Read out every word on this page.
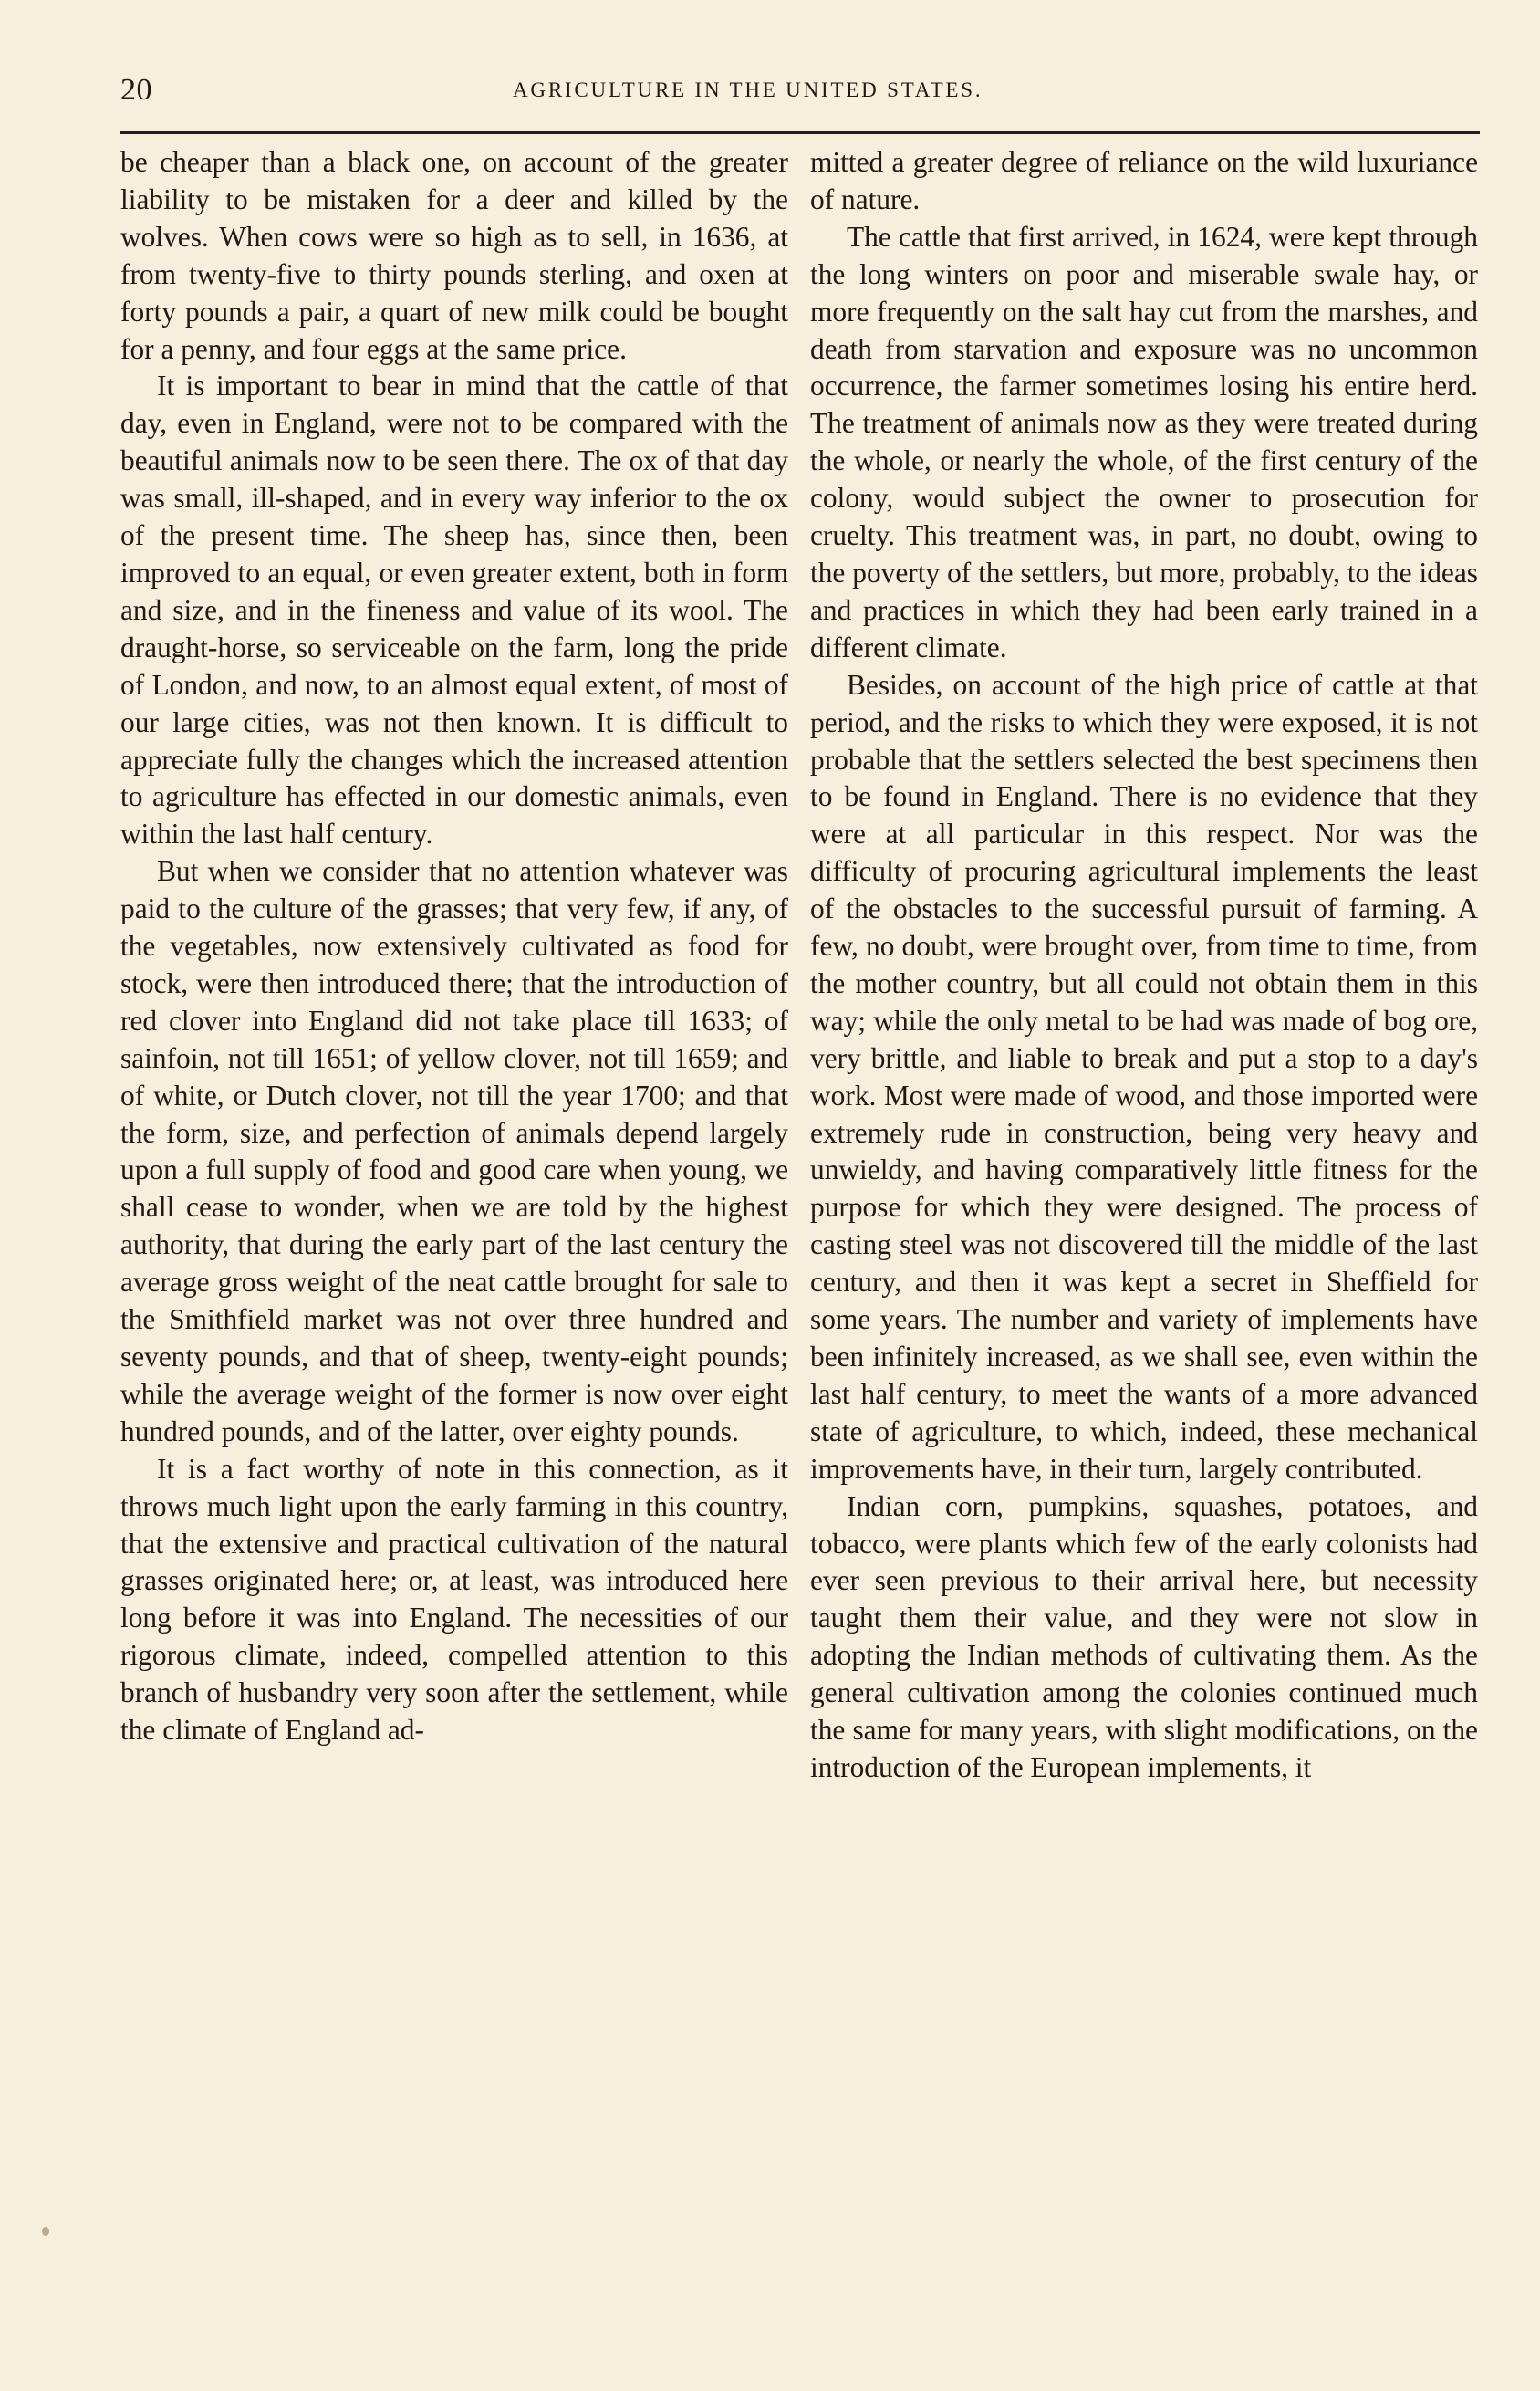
20	AGRICULTURE IN THE UNITED STATES.

be cheaper than a black one, on account of the greater liability to be mistaken for a deer and killed by the wolves. When cows were so high as to sell, in 1636, at from twenty-five to thirty pounds sterling, and oxen at forty pounds a pair, a quart of new milk could be bought for a penny, and four eggs at the same price.

It is important to bear in mind that the cattle of that day, even in England, were not to be compared with the beautiful animals now to be seen there. The ox of that day was small, ill-shaped, and in every way inferior to the ox of the present time. The sheep has, since then, been improved to an equal, or even greater extent, both in form and size, and in the fineness and value of its wool. The draught-horse, so serviceable on the farm, long the pride of London, and now, to an almost equal extent, of most of our large cities, was not then known. It is difficult to appreciate fully the changes which the increased attention to agriculture has effected in our domestic animals, even within the last half century.

But when we consider that no attention whatever was paid to the culture of the grasses; that very few, if any, of the vegetables, now extensively cultivated as food for stock, were then introduced there; that the introduction of red clover into England did not take place till 1633; of sainfoin, not till 1651; of yellow clover, not till 1659; and of white, or Dutch clover, not till the year 1700; and that the form, size, and perfection of animals depend largely upon a full supply of food and good care when young, we shall cease to wonder, when we are told by the highest authority, that during the early part of the last century the average gross weight of the neat cattle brought for sale to the Smithfield market was not over three hundred and seventy pounds, and that of sheep, twenty-eight pounds; while the average weight of the former is now over eight hundred pounds, and of the latter, over eighty pounds.

It is a fact worthy of note in this connection, as it throws much light upon the early farming in this country, that the extensive and practical cultivation of the natural grasses originated here; or, at least, was introduced here long before it was into England. The necessities of our rigorous climate, indeed, compelled attention to this branch of husbandry very soon after the settlement, while the climate of England ad-

mitted a greater degree of reliance on the wild luxuriance of nature.

The cattle that first arrived, in 1624, were kept through the long winters on poor and miserable swale hay, or more frequently on the salt hay cut from the marshes, and death from starvation and exposure was no uncommon occurrence, the farmer sometimes losing his entire herd. The treatment of animals now as they were treated during the whole, or nearly the whole, of the first century of the colony, would subject the owner to prosecution for cruelty. This treatment was, in part, no doubt, owing to the poverty of the settlers, but more, probably, to the ideas and practices in which they had been early trained in a different climate.

Besides, on account of the high price of cattle at that period, and the risks to which they were exposed, it is not probable that the settlers selected the best specimens then to be found in England. There is no evidence that they were at all particular in this respect. Nor was the difficulty of procuring agricultural implements the least of the obstacles to the successful pursuit of farming. A few, no doubt, were brought over, from time to time, from the mother country, but all could not obtain them in this way; while the only metal to be had was made of bog ore, very brittle, and liable to break and put a stop to a day's work. Most were made of wood, and those imported were extremely rude in construction, being very heavy and unwieldy, and having comparatively little fitness for the purpose for which they were designed. The process of casting steel was not discovered till the middle of the last century, and then it was kept a secret in Sheffield for some years. The number and variety of implements have been infinitely increased, as we shall see, even within the last half century, to meet the wants of a more advanced state of agriculture, to which, indeed, these mechanical improvements have, in their turn, largely contributed.

Indian corn, pumpkins, squashes, potatoes, and tobacco, were plants which few of the early colonists had ever seen previous to their arrival here, but necessity taught them their value, and they were not slow in adopting the Indian methods of cultivating them. As the general cultivation among the colonies continued much the same for many years, with slight modifications, on the introduction of the European implements, it
